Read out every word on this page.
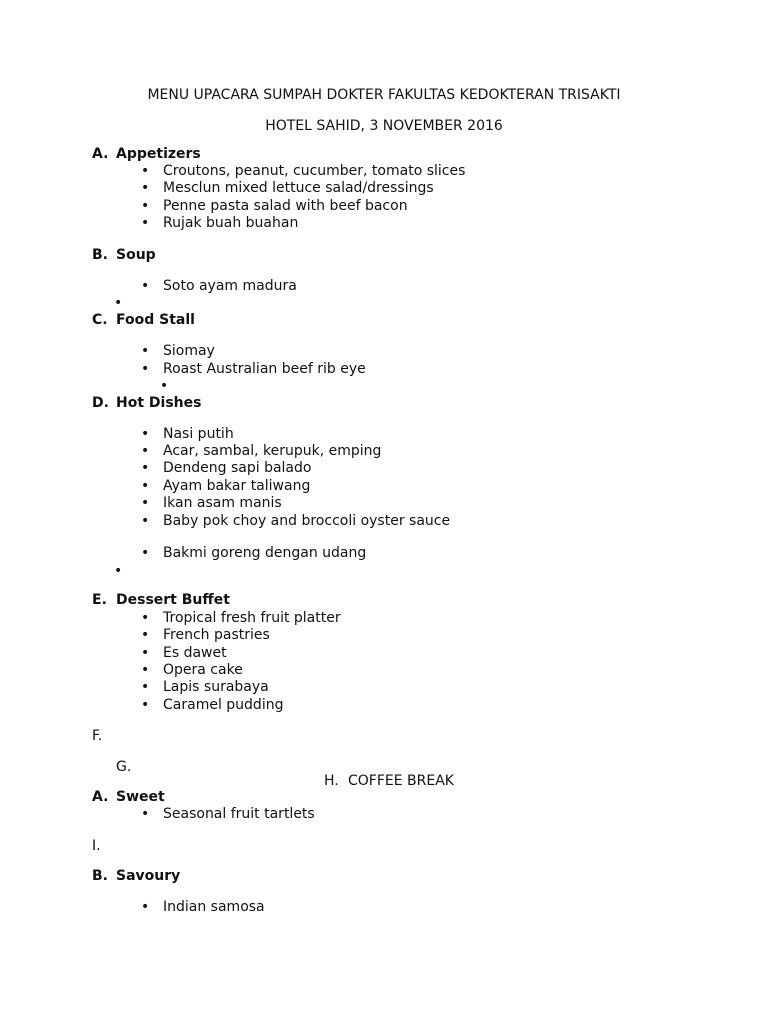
MENU UPACARA SUMPAH DOKTER FAKULTAS KEDOKTERAN TRISAKTI
HOTEL SAHID, 3 NOVEMBER 2016
A. Appetizers
• Croutons, peanut, cucumber, tomato slices
• Mesclun mixed lettuce salad/dressings
• Penne pasta salad with beef bacon
• Rujak buah buahan
B. Soup
• Soto ayam madura
•
C. Food Stall
• Siomay
• Roast Australian beef rib eye
•
D. Hot Dishes
• Nasi putih
• Acar, sambal, kerupuk, emping
• Dendeng sapi balado
• Ayam bakar taliwang
• Ikan asam manis
• Baby pok choy and broccoli oyster sauce
• Bakmi goreng dengan udang
•
E. Dessert Buffet
• Tropical fresh fruit platter
• French pastries
• Es dawet
• Opera cake
• Lapis surabaya
• Caramel pudding
F.
G.
H. COFFEE BREAK
A. Sweet
• Seasonal fruit tartlets
I.
B. Savoury
• Indian samosa
